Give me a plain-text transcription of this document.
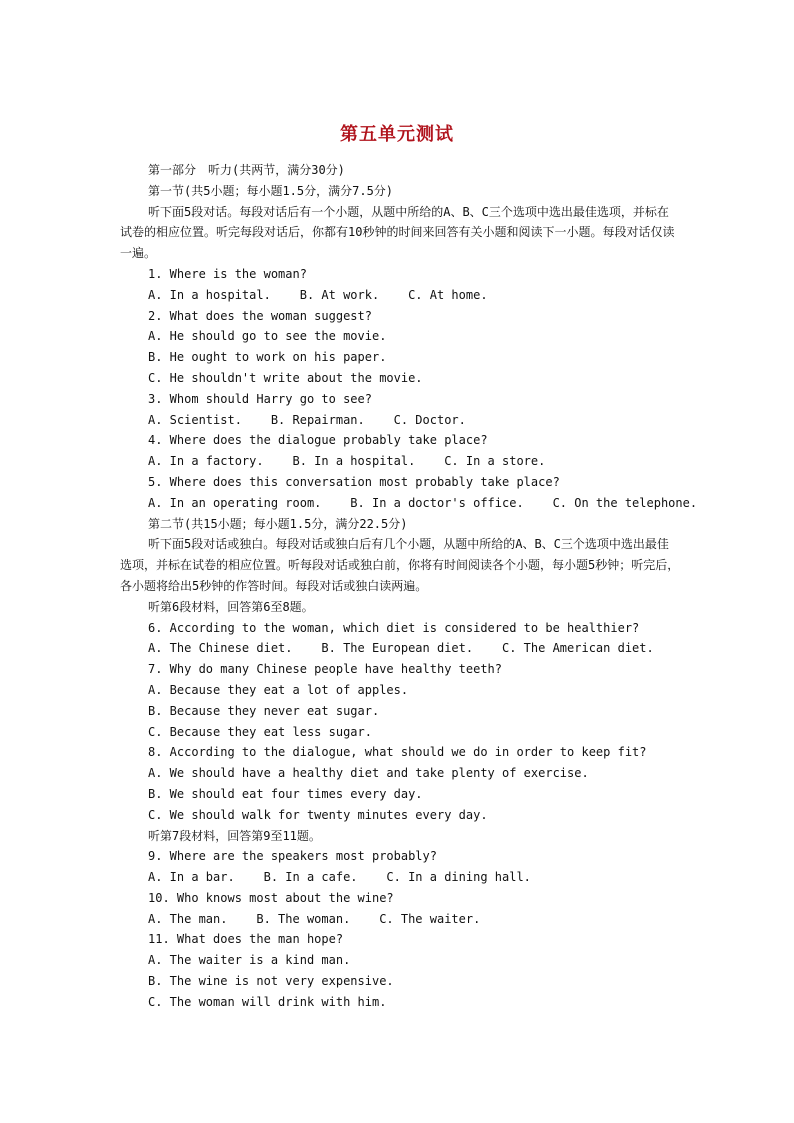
第五单元测试
第一部分　听力(共两节，满分30分)
第一节(共5小题；每小题1.5分，满分7.5分)
听下面5段对话。每段对话后有一个小题，从题中所给的A、B、C三个选项中选出最佳选项，并标在试卷的相应位置。听完每段对话后，你都有10秒钟的时间来回答有关小题和阅读下一小题。每段对话仅读一遍。
1. Where is the woman?
A. In a hospital.    B. At work.    C. At home.
2. What does the woman suggest?
A. He should go to see the movie.
B. He ought to work on his paper.
C. He shouldn't write about the movie.
3. Whom should Harry go to see?
A. Scientist.    B. Repairman.    C. Doctor.
4. Where does the dialogue probably take place?
A. In a factory.    B. In a hospital.    C. In a store.
5. Where does this conversation most probably take place?
A. In an operating room.    B. In a doctor's office.    C. On the telephone.
第二节(共15小题；每小题1.5分，满分22.5分)
听下面5段对话或独白。每段对话或独白后有几个小题，从题中所给的A、B、C三个选项中选出最佳选项，并标在试卷的相应位置。听每段对话或独白前，你将有时间阅读各个小题，每小题5秒钟；听完后，各小题将给出5秒钟的作答时间。每段对话或独白读两遍。
听第6段材料，回答第6至8题。
6. According to the woman, which diet is considered to be healthier?
A. The Chinese diet.    B. The European diet.    C. The American diet.
7. Why do many Chinese people have healthy teeth?
A. Because they eat a lot of apples.
B. Because they never eat sugar.
C. Because they eat less sugar.
8. According to the dialogue, what should we do in order to keep fit?
A. We should have a healthy diet and take plenty of exercise.
B. We should eat four times every day.
C. We should walk for twenty minutes every day.
听第7段材料，回答第9至11题。
9. Where are the speakers most probably?
A. In a bar.    B. In a cafe.    C. In a dining hall.
10. Who knows most about the wine?
A. The man.    B. The woman.    C. The waiter.
11. What does the man hope?
A. The waiter is a kind man.
B. The wine is not very expensive.
C. The woman will drink with him.
